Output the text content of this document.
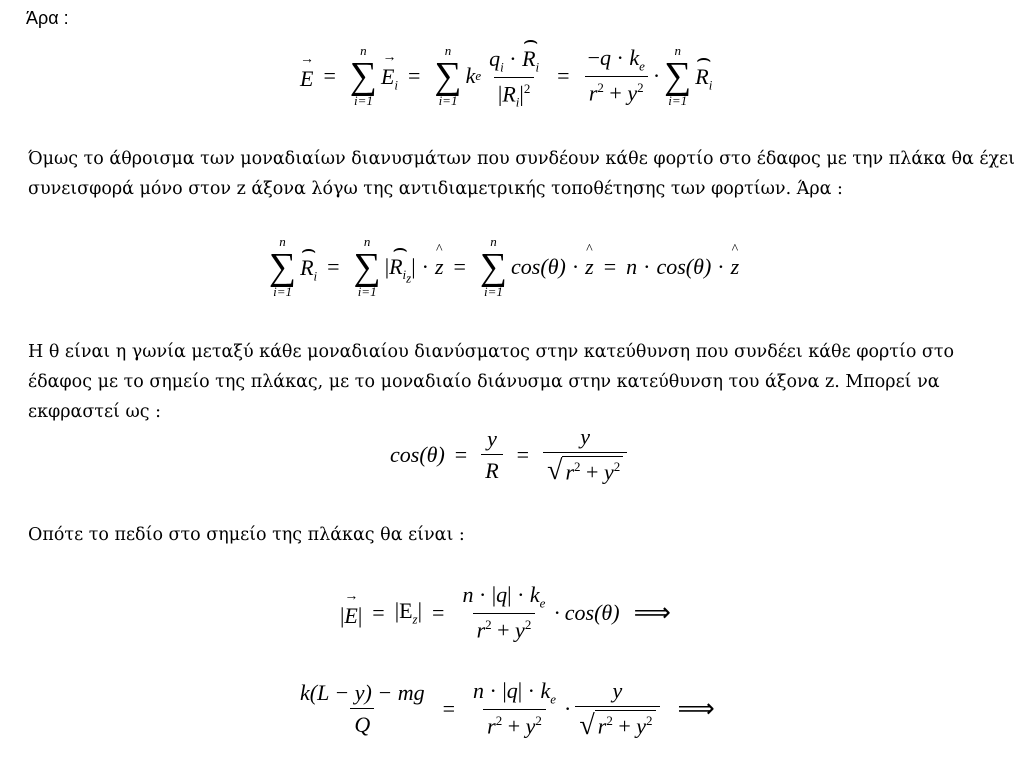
Άρα :
→ E =
n
∑
i=1
→ $E_i$ =
n
∑
i=1
k e $\frac{q_i \cdot ⌢ R_i}{|R_i|^2} = \frac{-q \cdot k_e}{r^2 + y^2}$ ·
n
∑
i=1
⌢ $R_i$
Όμως το άθροισμα των μοναδιαίων διανυσμάτων που συνδέουν κάθε φορτίο στο έδαφος με την πλάκα θα έχει συνεισφορά μόνο στον z άξονα λόγω της αντιδιαμετρικής τοποθέτησης των φορτίων. Άρα :
n
∑
i=1
⌢ $R_i$ =
n
∑
i=1
|⌢ $R_{i_z}|$ · ^ z =
n
∑
i=1
cos(θ) · ^ z = n · cos(θ) · ^ z
Η θ είναι η γωνία μεταξύ κάθε μοναδιαίου διανύσματος στην κατεύθυνση που συνδέει κάθε φορτίο στο έδαφος με το σημείο της πλάκας, με το μοναδιαίο διάνυσμα στην κατεύθυνση του άξονα z. Μπορεί να εκφραστεί ως :
$\cos(\theta) = \frac{y}{R} = \frac{y}{√ r^2 + y^2}$
Οπότε το πεδίο στο σημείο της πλάκας θα είναι :
|→ $E| = |E_z| = \frac{n \cdot |q| \cdot k_e}{r^2 + y^2} \cdot \cos(\theta)$ ⟹
$\frac{k(L - y) - mg}{Q} = \frac{n \cdot |q| \cdot k_e}{r^2 + y^2} \cdot \frac{y}{√ r^2 + y^2}$ ⟹
